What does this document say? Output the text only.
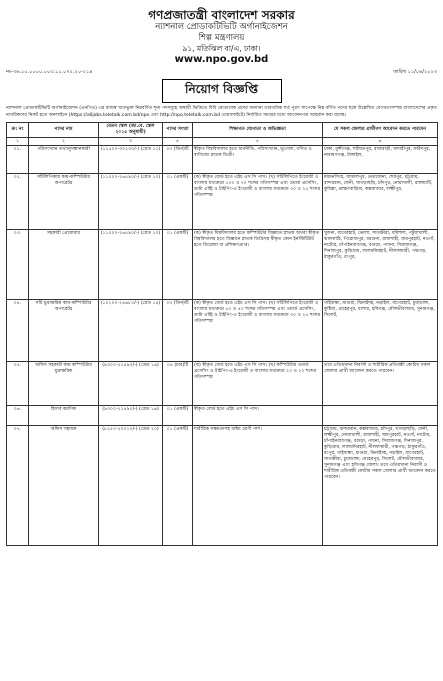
গণপ্রজাতন্ত্রী বাংলাদেশ সরকার
ন্যাশনাল প্রোডাকটিভিটি অর্গানাইজেশন
শিল্প মন্ত্রণালয়
৯১, মতিঝিল বা/এ, ঢাকা।
www.npo.gov.bd
নং-৩৬.১০.০০০০.০০৩.১১.০৭২.২০-২১৪	তারিখ ১১/০৪/২০২৩
নিয়োগ বিজ্ঞপ্তি
ন্যাশনাল প্রোডাকটিভিটি অর্গানাইজেশন (এনপিও) এর রাজস্ব খাতভুক্ত নিম্নবর্ণিত শূন্য পদসমূহে অস্থায়ী ভিত্তিতে বিধি মোতাবেক প্রদের অন্যান্য তারতমিক শর্ত পূরণ সাপেক্ষে নিম্ন বর্ণিত পদের ছকে উল্লেখিত যোগ্যতাসম্পন্ন বাংলাদেশের প্রকৃত নাগরিকদের নিকট হতে অনলাইনে (https://alljobs.teletalk.com.bd/npo এবং http://npo.teletalk.com.bd ওয়েবসাইটে) নির্ধারিত সময়ের মধ্যে আবেদনপত্র আহবান করা যাচ্ছে।
ক্র: নং	পদের নাম	বেতন স্কেল (জা.বে. স্কেল ২০১৫ অনুযায়ী)	পদের সংখ্যা	শিক্ষাগত যোগ্যতা ও অভিজ্ঞতা	যে সকল জেলার প্রার্থীগণ আবেদন করতে পারবেন
১	২	৩	৪	৫	৬
০১.	পরিসংখ্যান তথ্যানুসন্ধানকারী	(১২৫০০-৩০২৩০/-) (গ্রেড ১২)	০৩ (তিন)টি	স্বীকৃত বিশ্ববিদ্যালয় হতে অর্থনীতি, পরিসংখ্যান, ভূগোল, গণিত ও বাণিজ্যে স্নাতক ডিগ্রী।	ঢাকা, মুন্সীগঞ্জ, শরীয়তপুর, রাজবাড়ী, মাদারীপুর, ফরিদপুর, নারায়ণগঞ্জ, টাঙ্গাইল,
০২.	সাঁটলিপিকার কাম-কম্পিউটার অপারেটর	(১১০০০-২৬৫৯০/-) (গ্রেড ১৩)	০১ (একটি)	(ক) স্বীকৃত বোর্ড হতে এইচ এস সি পাস। (খ) সাঁটলিপিতে ইংরেজী ও বাংলায় যথাক্রমে ১০০ ও ৭০ শব্দের গতিসম্পন্ন এবং ওয়ার্ড প্রসেসিং, ডাটা এন্ট্রি ও টাইপিং-এ ইংরেজী ও বাংলায় যথাক্রমে ৩০ ও ২৫ শব্দের গতিসম্পন্ন	ময়মনসিংহ, জামালপুর, নেত্রকোনা, শেরপুর, চট্টগ্রাম, বান্দরবান, ফেনী, খাগড়াছড়ি, চাঁদপুর, নোয়াখালী, রাঙ্গামাটি, কুমিল্লা, ব্রাহ্মণবাড়িয়া, কক্সবাজার, লক্ষ্মীপুর,
০৩.	সহকারী প্রোগ্রামার	(১১০০০-২৬৫৯০/-) (গ্রেড ১৩)	০১ (একটি)	(ক) স্বীকৃত বিশ্ববিদ্যালয় হতে কম্পিউটার বিজ্ঞানে স্নাতক অথবা স্বীকৃত বিশ্ববিদ্যালয় হতে বিজ্ঞানে স্নাতক ডিগ্রিসহ স্বীকৃত কোন ইনস্টিটিউট হতে ডিপ্লোমা বা প্রশিক্ষণপ্রাপ্ত।	খুলনা, বাগেরহাট, ভোলা, সাতক্ষীরা, বরিশাল, পটুয়াখালী, ঝালকাঠি, পিরোজপুর, বরগুনা, রাজশাহী, জয়পুরহাট, নওগাঁ, নাটোর, চাঁপাইনবাবগঞ্জ, বগুড়া, পাবনা, সিরাজগঞ্জ, দিনাজপুর, কুড়িগ্রাম, লালমনিরহাট, নীলফামারী, পঞ্চগড়, ঠাকুরগাঁও, রংপুর,
০৪.	সাঁট মুদ্রাক্ষরিক কাম-কম্পিউটার অপারেটর	(১০২০০-২৪৬৮০/-) (গ্রেড ১৪)	০৩ (তিন)টি	(ক) স্বীকৃত বোর্ড হতে এইচ এস সি পাস। (খ) সাঁটলিপিতে ইংরেজী ও বাংলায় যথাক্রমে ৮০ ও ৫০ শব্দের গতিসম্পন্ন এবং ওয়ার্ড প্রসেসিং, ডাটা এন্ট্রি ও টাইপিং-এ ইংরেজী ও বাংলায় যথাক্রমে ৩০ ও ২৫ শব্দের গতিসম্পন্ন	গাইবান্ধা, মাগুরা, ঝিনাইদহ, নড়াইল, বাগেরহাট, চুয়াডাঙ্গা, কুষ্টিয়া, মেহেরপুর, যশোর, হবিগঞ্জ, মৌলভীবাজার, সুনামগঞ্জ, সিলেট,
০৫.	অফিস সহকারী কাম কম্পিউটার মুদ্রাক্ষরিক	(৯৩০০-২২৪৯০/-) (গ্রেড ১৬)	০৪ (চার)টি	(ক) স্বীকৃত বোর্ড হতে এইচ এস সি পাস। (খ) কম্পিউটার ওয়ার্ড প্রসেসিং ও টাইপিং-এ ইংরেজী ও বাংলায় যথাক্রমে ২০ ও ২০ শব্দের গতিসম্পন্ন	তবে এতিমখানা নিবাসী ও শারীরিক প্রতিবন্ধী কোটায় সকল জেলার প্রার্থী আবেদন করতে পারবেন।
০৬.	হিসাব করণিক	(৯৩০০-২২৪৯০/-) (গ্রেড ১৬)	০১ (একটি)	স্বীকৃত বোর্ড হতে এইচ এস সি পাস।	
০৭.	অফিস সহায়ক	(৮২৫০-২০০১০/-) (গ্রেড ২০)	০১ (একটি)	শারীরিক সক্ষমতাসহ অষ্টম শ্রেণী পাশ।	চট্টগ্রাম, বান্দরবান, কক্সবাজার, চাঁদপুর, খাগড়াছড়ি, ফেনী, লক্ষ্মীপুর, নোয়াখালী, রাজশাহী, জয়পুরহাট, নওগাঁ, নাটোর, চাঁপাইনবাবগঞ্জ, বগুড়া, পাবনা, সিরাজগঞ্জ, দিনাজপুর, কুড়িগ্রাম, লালমনিরহাট, নীলফামারী, পঞ্চগড়, ঠাকুরগাঁও, রংপুর, গাইবান্ধা, মাগুরা, ঝিনাইদহ, নড়াইল, বাগেরহাট, সাতক্ষীরা, চুয়াডাঙ্গা, মেহেরপুর, সিলেট, মৌলভীবাজার, সুনামগঞ্জ এবং হবিগঞ্জ জেলা। তবে এতিমখানা নিবাসী ও শারীরিক প্রতিবন্ধী কোটায় সকল জেলার প্রার্থী আবেদন করতে পারবেন।
